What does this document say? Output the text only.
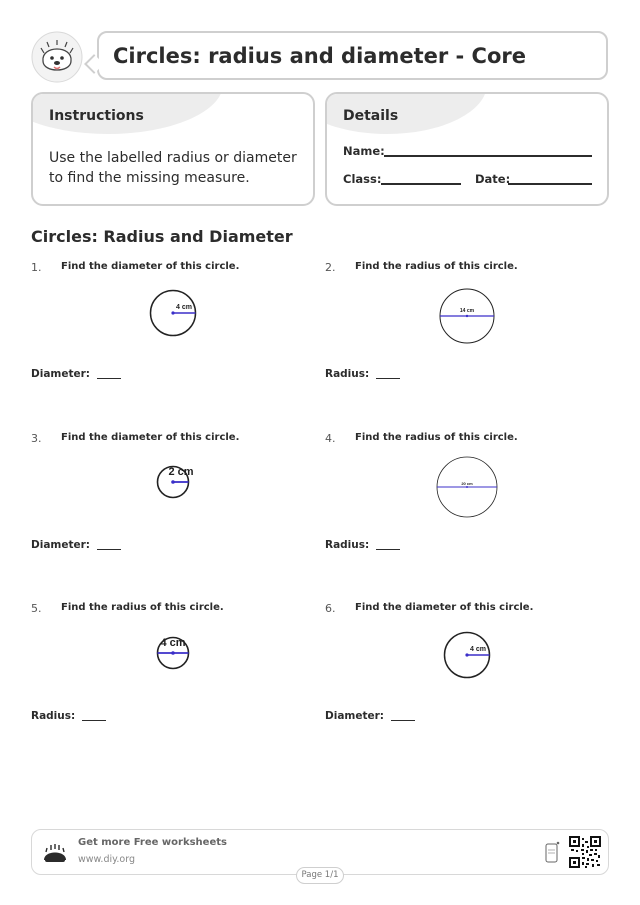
Circles: radius and diameter - Core
Instructions

Use the labelled radius or diameter to find the missing measure.

Details
Name:
Class:	Date:
Circles: Radius and Diameter
1. Find the diameter of this circle.
4 cm
Diameter:
2. Find the radius of this circle.
14 cm
Radius:
3. Find the diameter of this circle.
2 cm
Diameter:
4. Find the radius of this circle.
20 cm
Radius:
5. Find the radius of this circle.
4 cm
Radius:
6. Find the diameter of this circle.
4 cm
Diameter:
Get more Free worksheets
www.diy.org
Page 1/1
